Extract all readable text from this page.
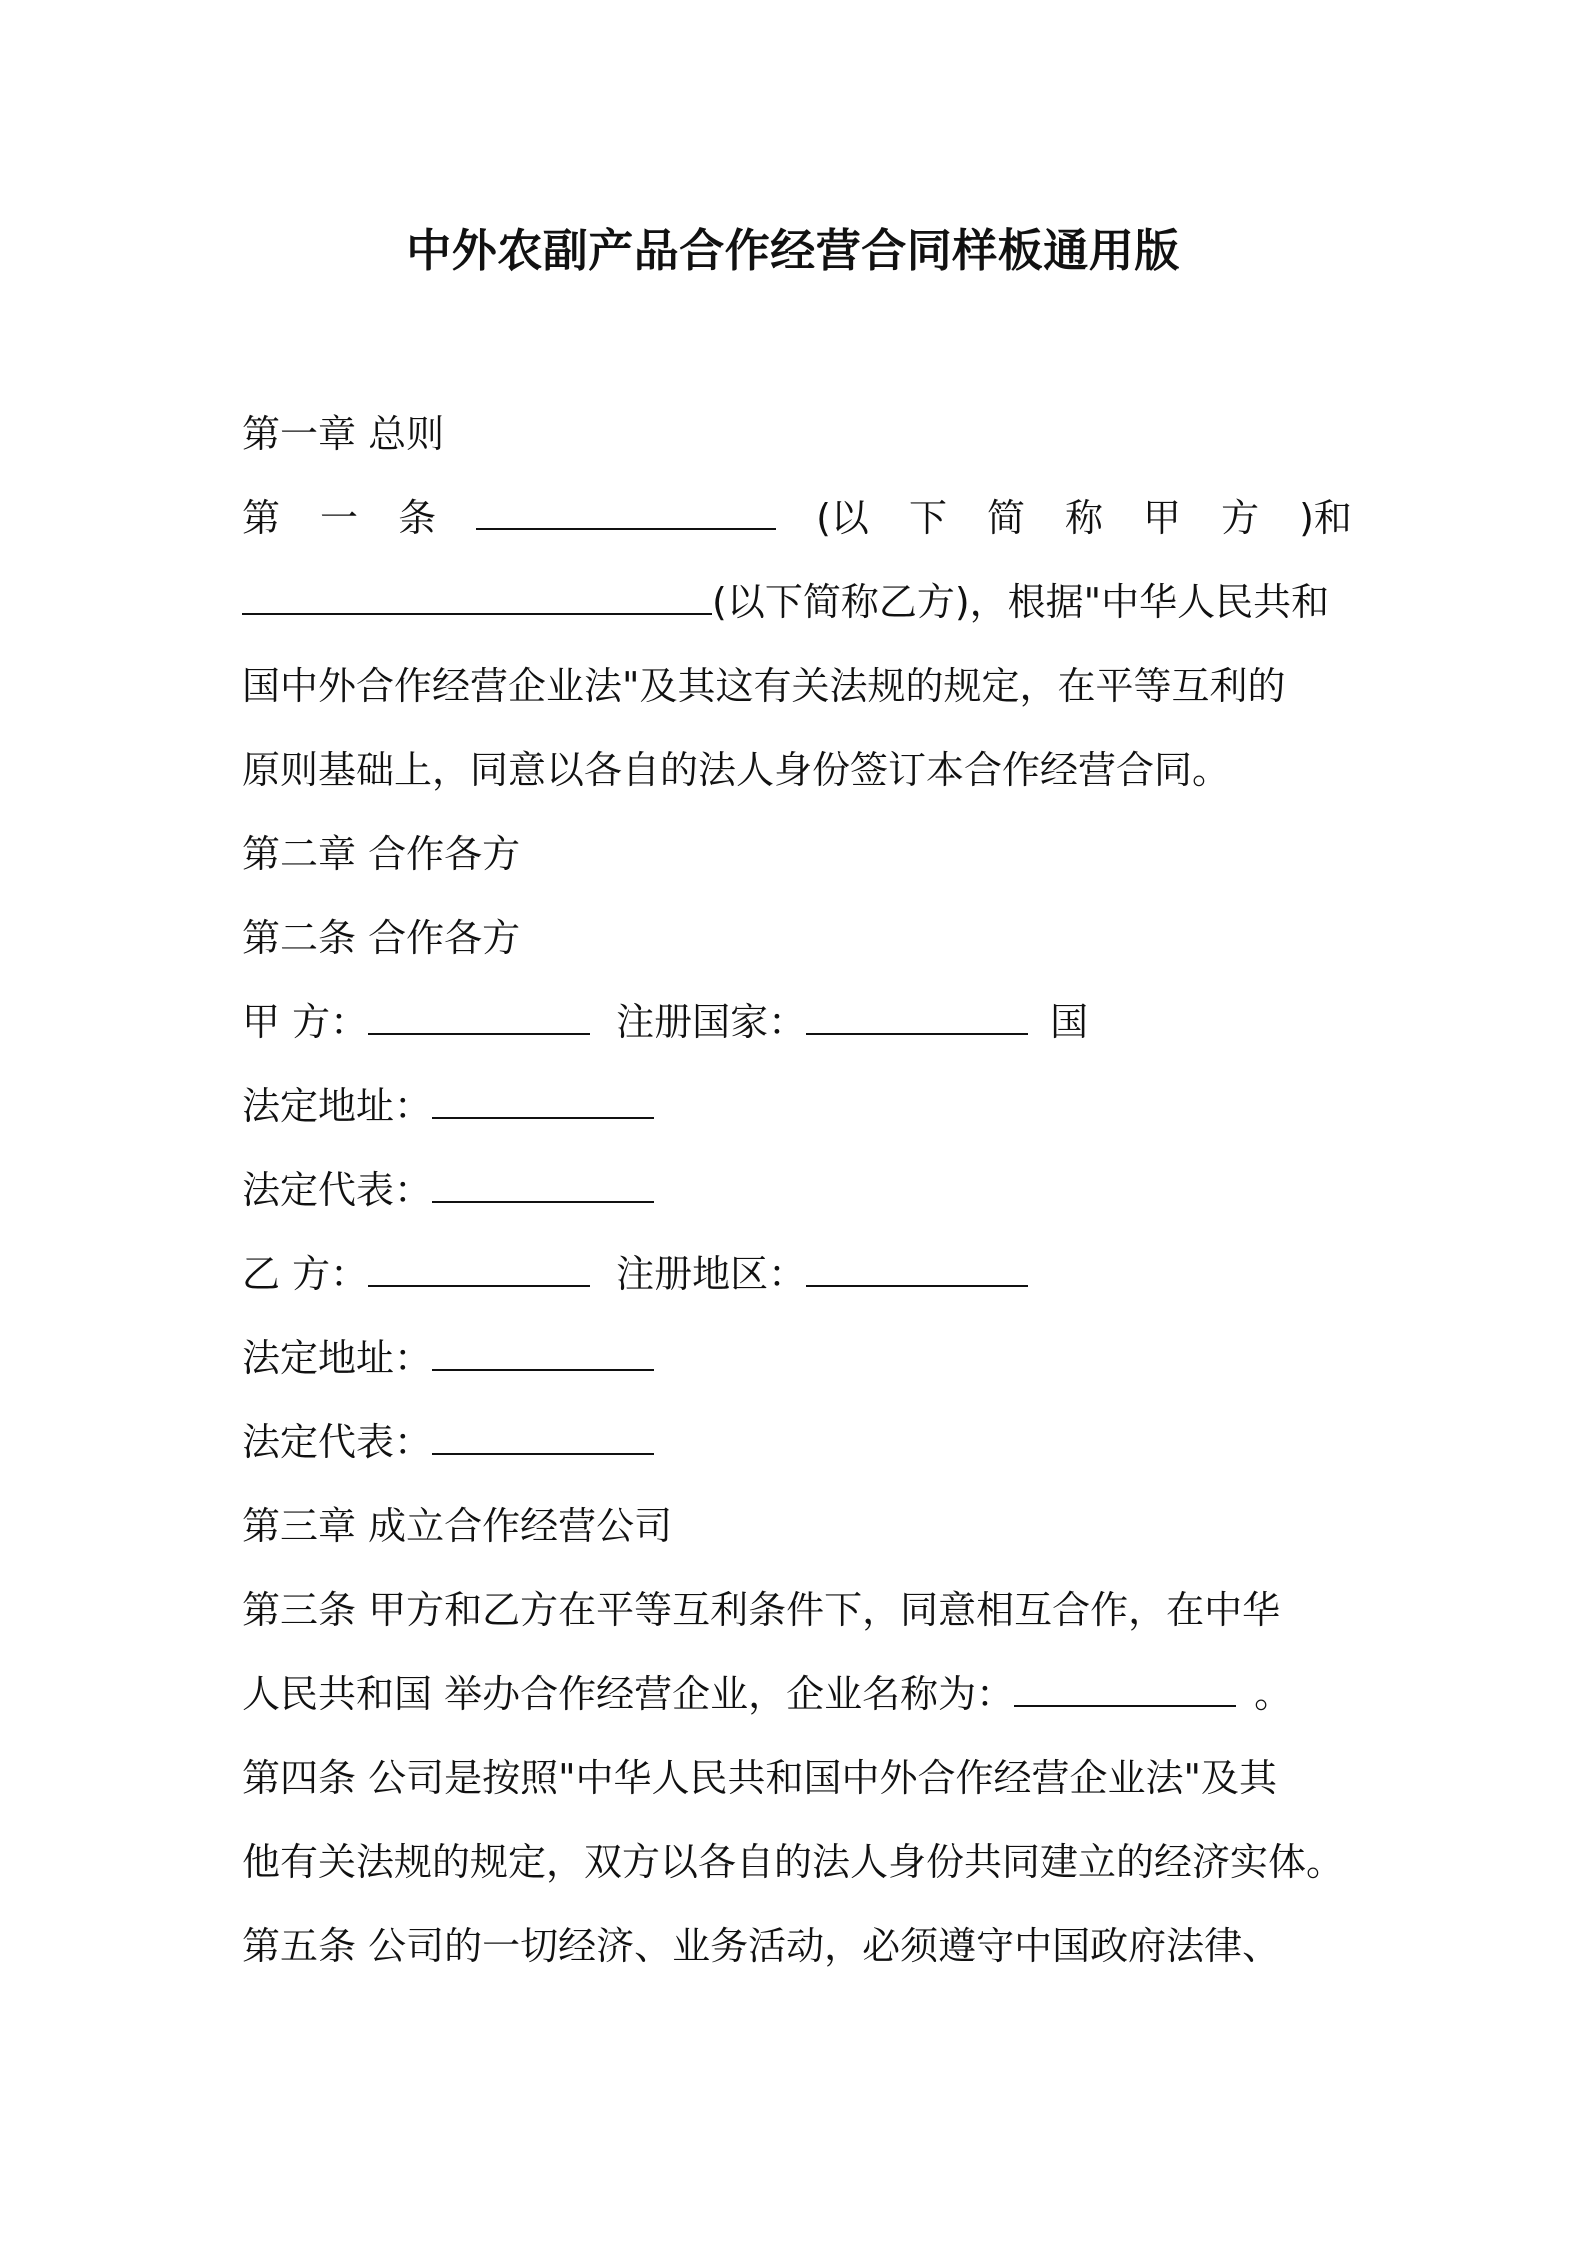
中外农副产品合作经营合同样板通用版
第一章 总则
第 一 条	(以 下 简 称 甲 方 )和
(以下简称乙方)，根据"中华人民共和
国中外合作经营企业法"及其这有关法规的规定，在平等互利的
原则基础上，同意以各自的法人身份签订本合作经营合同。
第二章 合作各方
第二条 合作各方
甲 方：	注册国家：	国
法定地址：
法定代表：
乙 方：	注册地区：
法定地址：
法定代表：
第三章 成立合作经营公司
第三条 甲方和乙方在平等互利条件下，同意相互合作，在中华
人民共和国 举办合作经营企业，企业名称为：	。
第四条 公司是按照"中华人民共和国中外合作经营企业法"及其
他有关法规的规定，双方以各自的法人身份共同建立的经济实体。
第五条 公司的一切经济、业务活动，必须遵守中国政府法律、
